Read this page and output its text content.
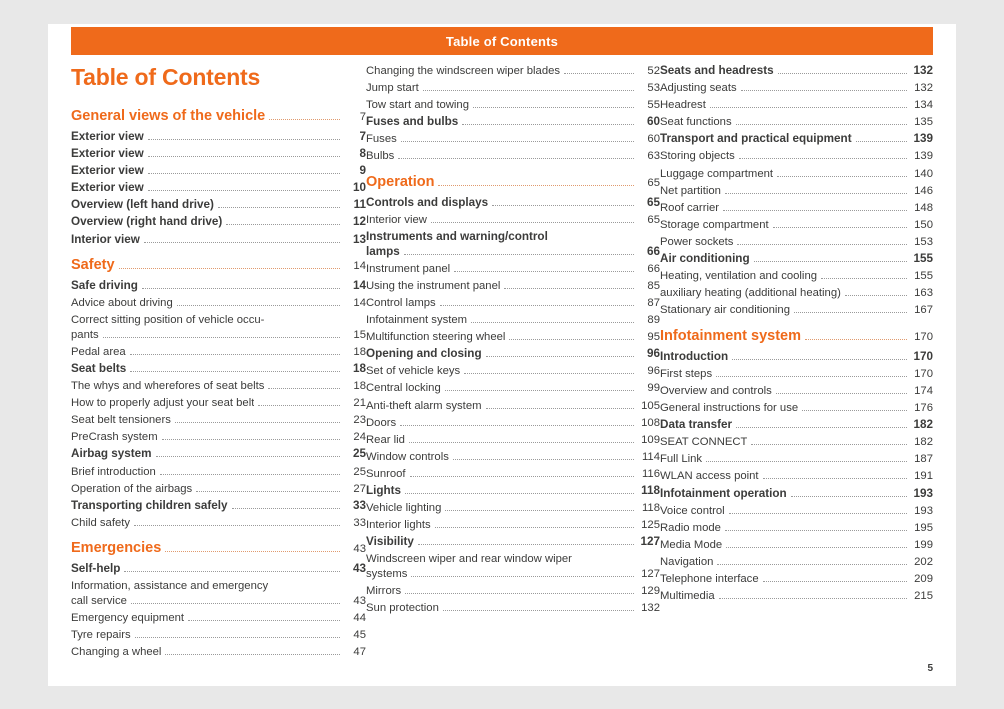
Table of Contents
Table of Contents
General views of the vehicle	7
Exterior view	7
Exterior view	8
Exterior view	9
Exterior view	10
Overview (left hand drive)	11
Overview (right hand drive)	12
Interior view	13
Safety	14
Safe driving	14
Advice about driving	14
Correct sitting position of vehicle occu-
pants	15
Pedal area	18
Seat belts	18
The whys and wherefores of seat belts	18
How to properly adjust your seat belt	21
Seat belt tensioners	23
PreCrash system	24
Airbag system	25
Brief introduction	25
Operation of the airbags	27
Transporting children safely	33
Child safety	33
Emergencies	43
Self-help	43
Information, assistance and emergency
call service	43
Emergency equipment	44
Tyre repairs	45
Changing a wheel	47
Changing the windscreen wiper blades	52
Jump start	53
Tow start and towing	55
Fuses and bulbs	60
Fuses	60
Bulbs	63
Operation	65
Controls and displays	65
Interior view	65
Instruments and warning/control
lamps	66
Instrument panel	66
Using the instrument panel	85
Control lamps	87
Infotainment system	89
Multifunction steering wheel	95
Opening and closing	96
Set of vehicle keys	96
Central locking	99
Anti-theft alarm system	105
Doors	108
Rear lid	109
Window controls	114
Sunroof	116
Lights	118
Vehicle lighting	118
Interior lights	125
Visibility	127
Windscreen wiper and rear window wiper
systems	127
Mirrors	129
Sun protection	132
Seats and headrests	132
Adjusting seats	132
Headrest	134
Seat functions	135
Transport and practical equipment	139
Storing objects	139
Luggage compartment	140
Net partition	146
Roof carrier	148
Storage compartment	150
Power sockets	153
Air conditioning	155
Heating, ventilation and cooling	155
auxiliary heating (additional heating)	163
Stationary air conditioning	167
Infotainment system	170
Introduction	170
First steps	170
Overview and controls	174
General instructions for use	176
Data transfer	182
SEAT CONNECT	182
Full Link	187
WLAN access point	191
Infotainment operation	193
Voice control	193
Radio mode	195
Media Mode	199
Navigation	202
Telephone interface	209
Multimedia	215
5
